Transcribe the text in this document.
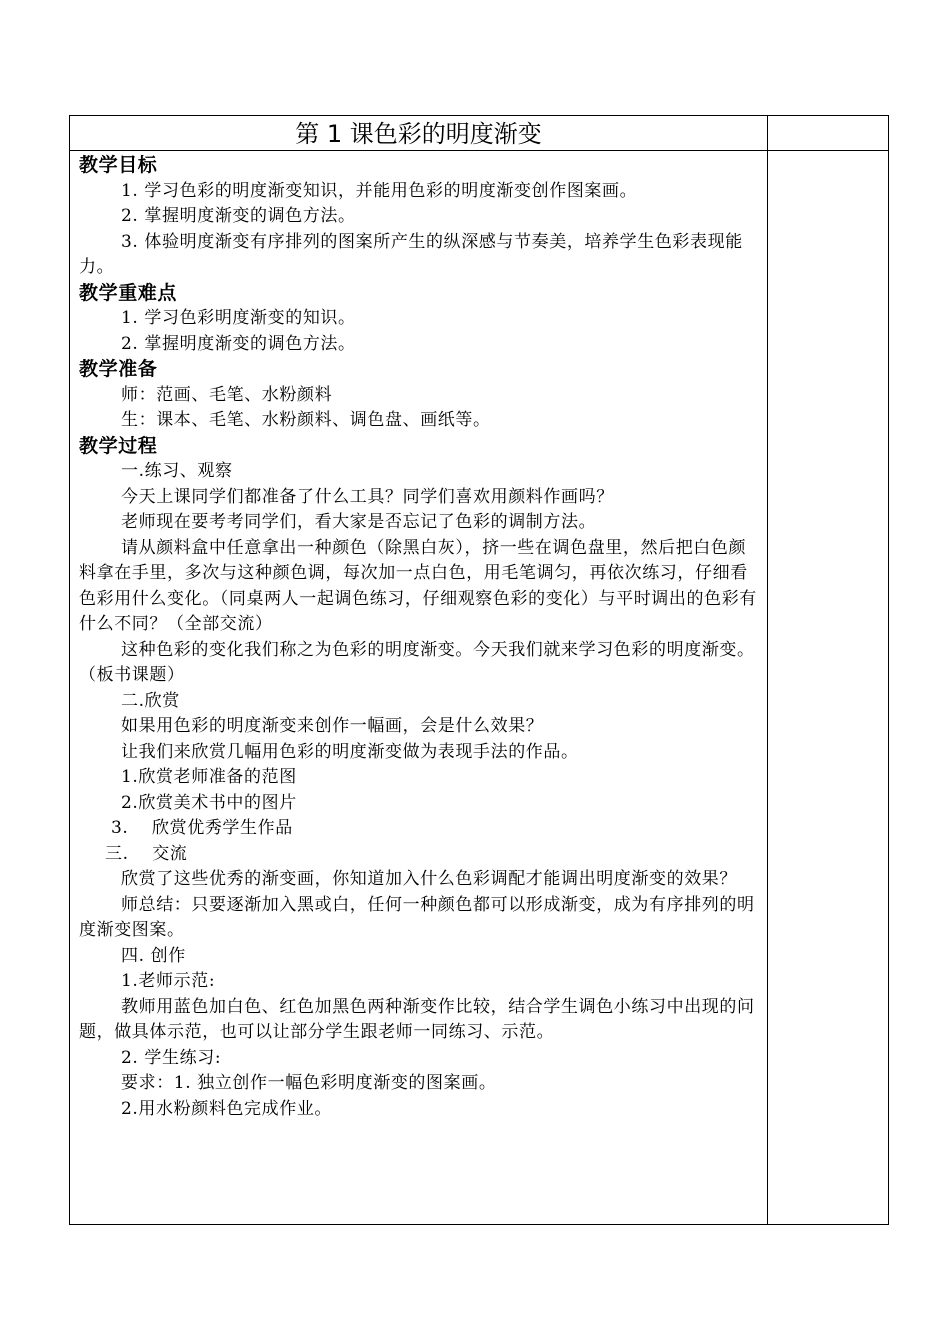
第 1 课色彩的明度渐变

教学目标

1. 学习色彩的明度渐变知识，并能用色彩的明度渐变创作图案画。

2. 掌握明度渐变的调色方法。

3. 体验明度渐变有序排列的图案所产生的纵深感与节奏美，培养学生色彩表现能力。

教学重难点

1. 学习色彩明度渐变的知识。

2. 掌握明度渐变的调色方法。

教学准备

师：范画、毛笔、水粉颜料

生：课本、毛笔、水粉颜料、调色盘、画纸等。

教学过程

一.练习、观察

今天上课同学们都准备了什么工具？同学们喜欢用颜料作画吗？

老师现在要考考同学们，看大家是否忘记了色彩的调制方法。

请从颜料盒中任意拿出一种颜色（除黑白灰），挤一些在调色盘里，然后把白色颜料拿在手里，多次与这种颜色调，每次加一点白色，用毛笔调匀，再依次练习，仔细看色彩用什么变化。（同桌两人一起调色练习，仔细观察色彩的变化）与平时调出的色彩有什么不同？（全部交流）

这种色彩的变化我们称之为色彩的明度渐变。今天我们就来学习色彩的明度渐变。（板书课题）

二.欣赏

如果用色彩的明度渐变来创作一幅画，会是什么效果？

让我们来欣赏几幅用色彩的明度渐变做为表现手法的作品。

1.欣赏老师准备的范图

2.欣赏美术书中的图片

3.　 欣赏优秀学生作品

三.　 交流

欣赏了这些优秀的渐变画，你知道加入什么色彩调配才能调出明度渐变的效果？

师总结：只要逐渐加入黑或白，任何一种颜色都可以形成渐变，成为有序排列的明度渐变图案。

四. 创作

1.老师示范:

教师用蓝色加白色、红色加黑色两种渐变作比较，结合学生调色小练习中出现的问题，做具体示范，也可以让部分学生跟老师一同练习、示范。

2. 学生练习:

要求：1. 独立创作一幅色彩明度渐变的图案画。

2.用水粉颜料色完成作业。
